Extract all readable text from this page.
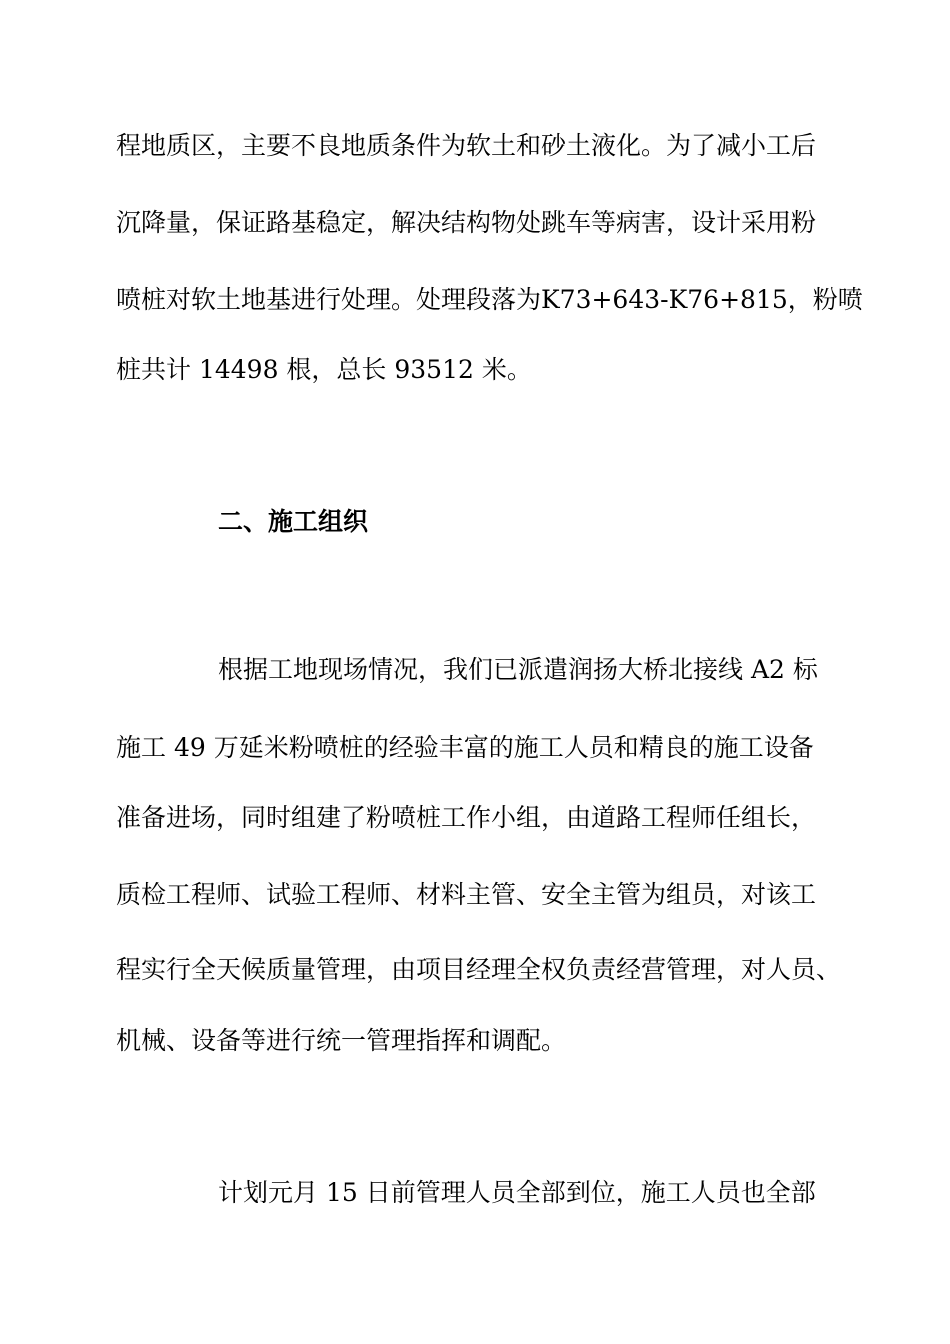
程地质区，主要不良地质条件为软土和砂土液化。为了减小工后
沉降量，保证路基稳定，解决结构物处跳车等病害，设计采用粉
喷桩对软土地基进行处理。处理段落为K73+643-K76+815，粉喷
桩共计 14498 根，总长 93512 米。
二、施工组织
根据工地现场情况，我们已派遣润扬大桥北接线 A2 标
施工 49 万延米粉喷桩的经验丰富的施工人员和精良的施工设备
准备进场，同时组建了粉喷桩工作小组，由道路工程师任组长，
质检工程师、试验工程师、材料主管、安全主管为组员，对该工
程实行全天候质量管理，由项目经理全权负责经营管理，对人员、
机械、设备等进行统一管理指挥和调配。
计划元月 15 日前管理人员全部到位，施工人员也全部
